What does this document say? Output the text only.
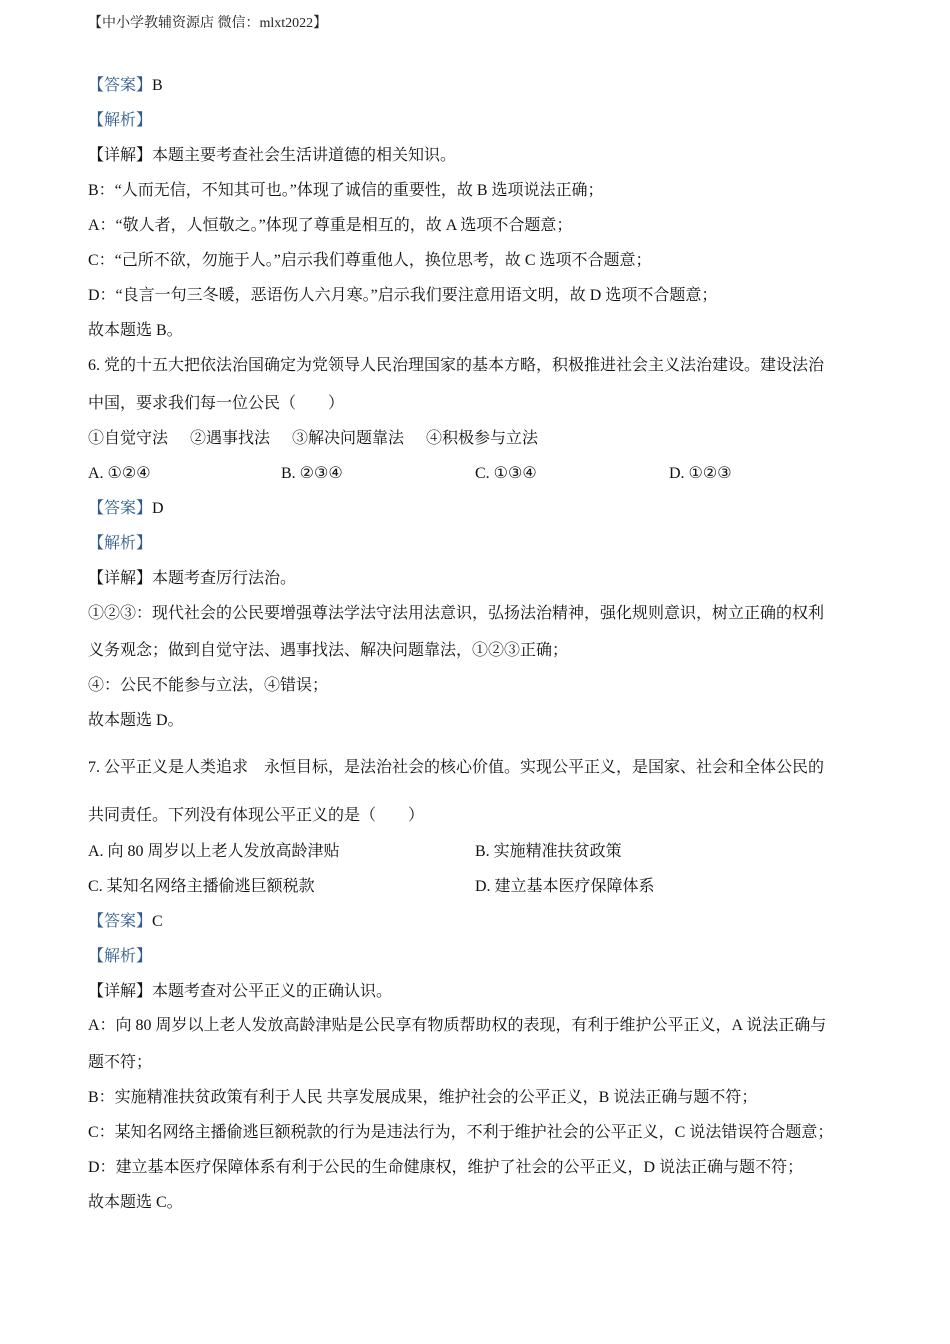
【中小学教辅资源店 微信：mlxt2022】
【答案】B
【解析】
【详解】本题主要考查社会生活讲道德的相关知识。
B：“人而无信，不知其可也。”体现了诚信的重要性，故 B 选项说法正确；
A：“敬人者，人恒敬之。”体现了尊重是相互的，故 A 选项不合题意；
C：“己所不欲，勿施于人。”启示我们尊重他人，换位思考，故 C 选项不合题意；
D：“良言一句三冬暖，恶语伤人六月寒。”启示我们要注意用语文明，故 D 选项不合题意；
故本题选 B。
6. 党的十五大把依法治国确定为党领导人民治理国家的基本方略，积极推进社会主义法治建设。建设法治
中国，要求我们每一位公民（　　）
①自觉守法 ②遇事找法 ③解决问题靠法 ④积极参与立法
A. ①②④	B. ②③④	C. ①③④	D. ①②③
【答案】D
【解析】
【详解】本题考查厉行法治。
①②③：现代社会的公民要增强尊法学法守法用法意识，弘扬法治精神，强化规则意识，树立正确的权利
义务观念；做到自觉守法、遇事找法、解决问题靠法，①②③正确；
④：公民不能参与立法，④错误；
故本题选 D。
7. 公平正义是人类追求　永恒目标，是法治社会的核心价值。实现公平正义，是国家、社会和全体公民的
共同责任。下列没有体现公平正义的是（　　）
A. 向 80 周岁以上老人发放高龄津贴	B. 实施精准扶贫政策
C. 某知名网络主播偷逃巨额税款	D. 建立基本医疗保障体系
【答案】C
【解析】
【详解】本题考查对公平正义的正确认识。
A：向 80 周岁以上老人发放高龄津贴是公民享有物质帮助权的表现，有利于维护公平正义，A 说法正确与
题不符；
B：实施精准扶贫政策有利于人民 共享发展成果，维护社会的公平正义，B 说法正确与题不符；
C：某知名网络主播偷逃巨额税款的行为是违法行为，不利于维护社会的公平正义，C 说法错误符合题意；
D：建立基本医疗保障体系有利于公民的生命健康权，维护了社会的公平正义，D 说法正确与题不符；
故本题选 C。
